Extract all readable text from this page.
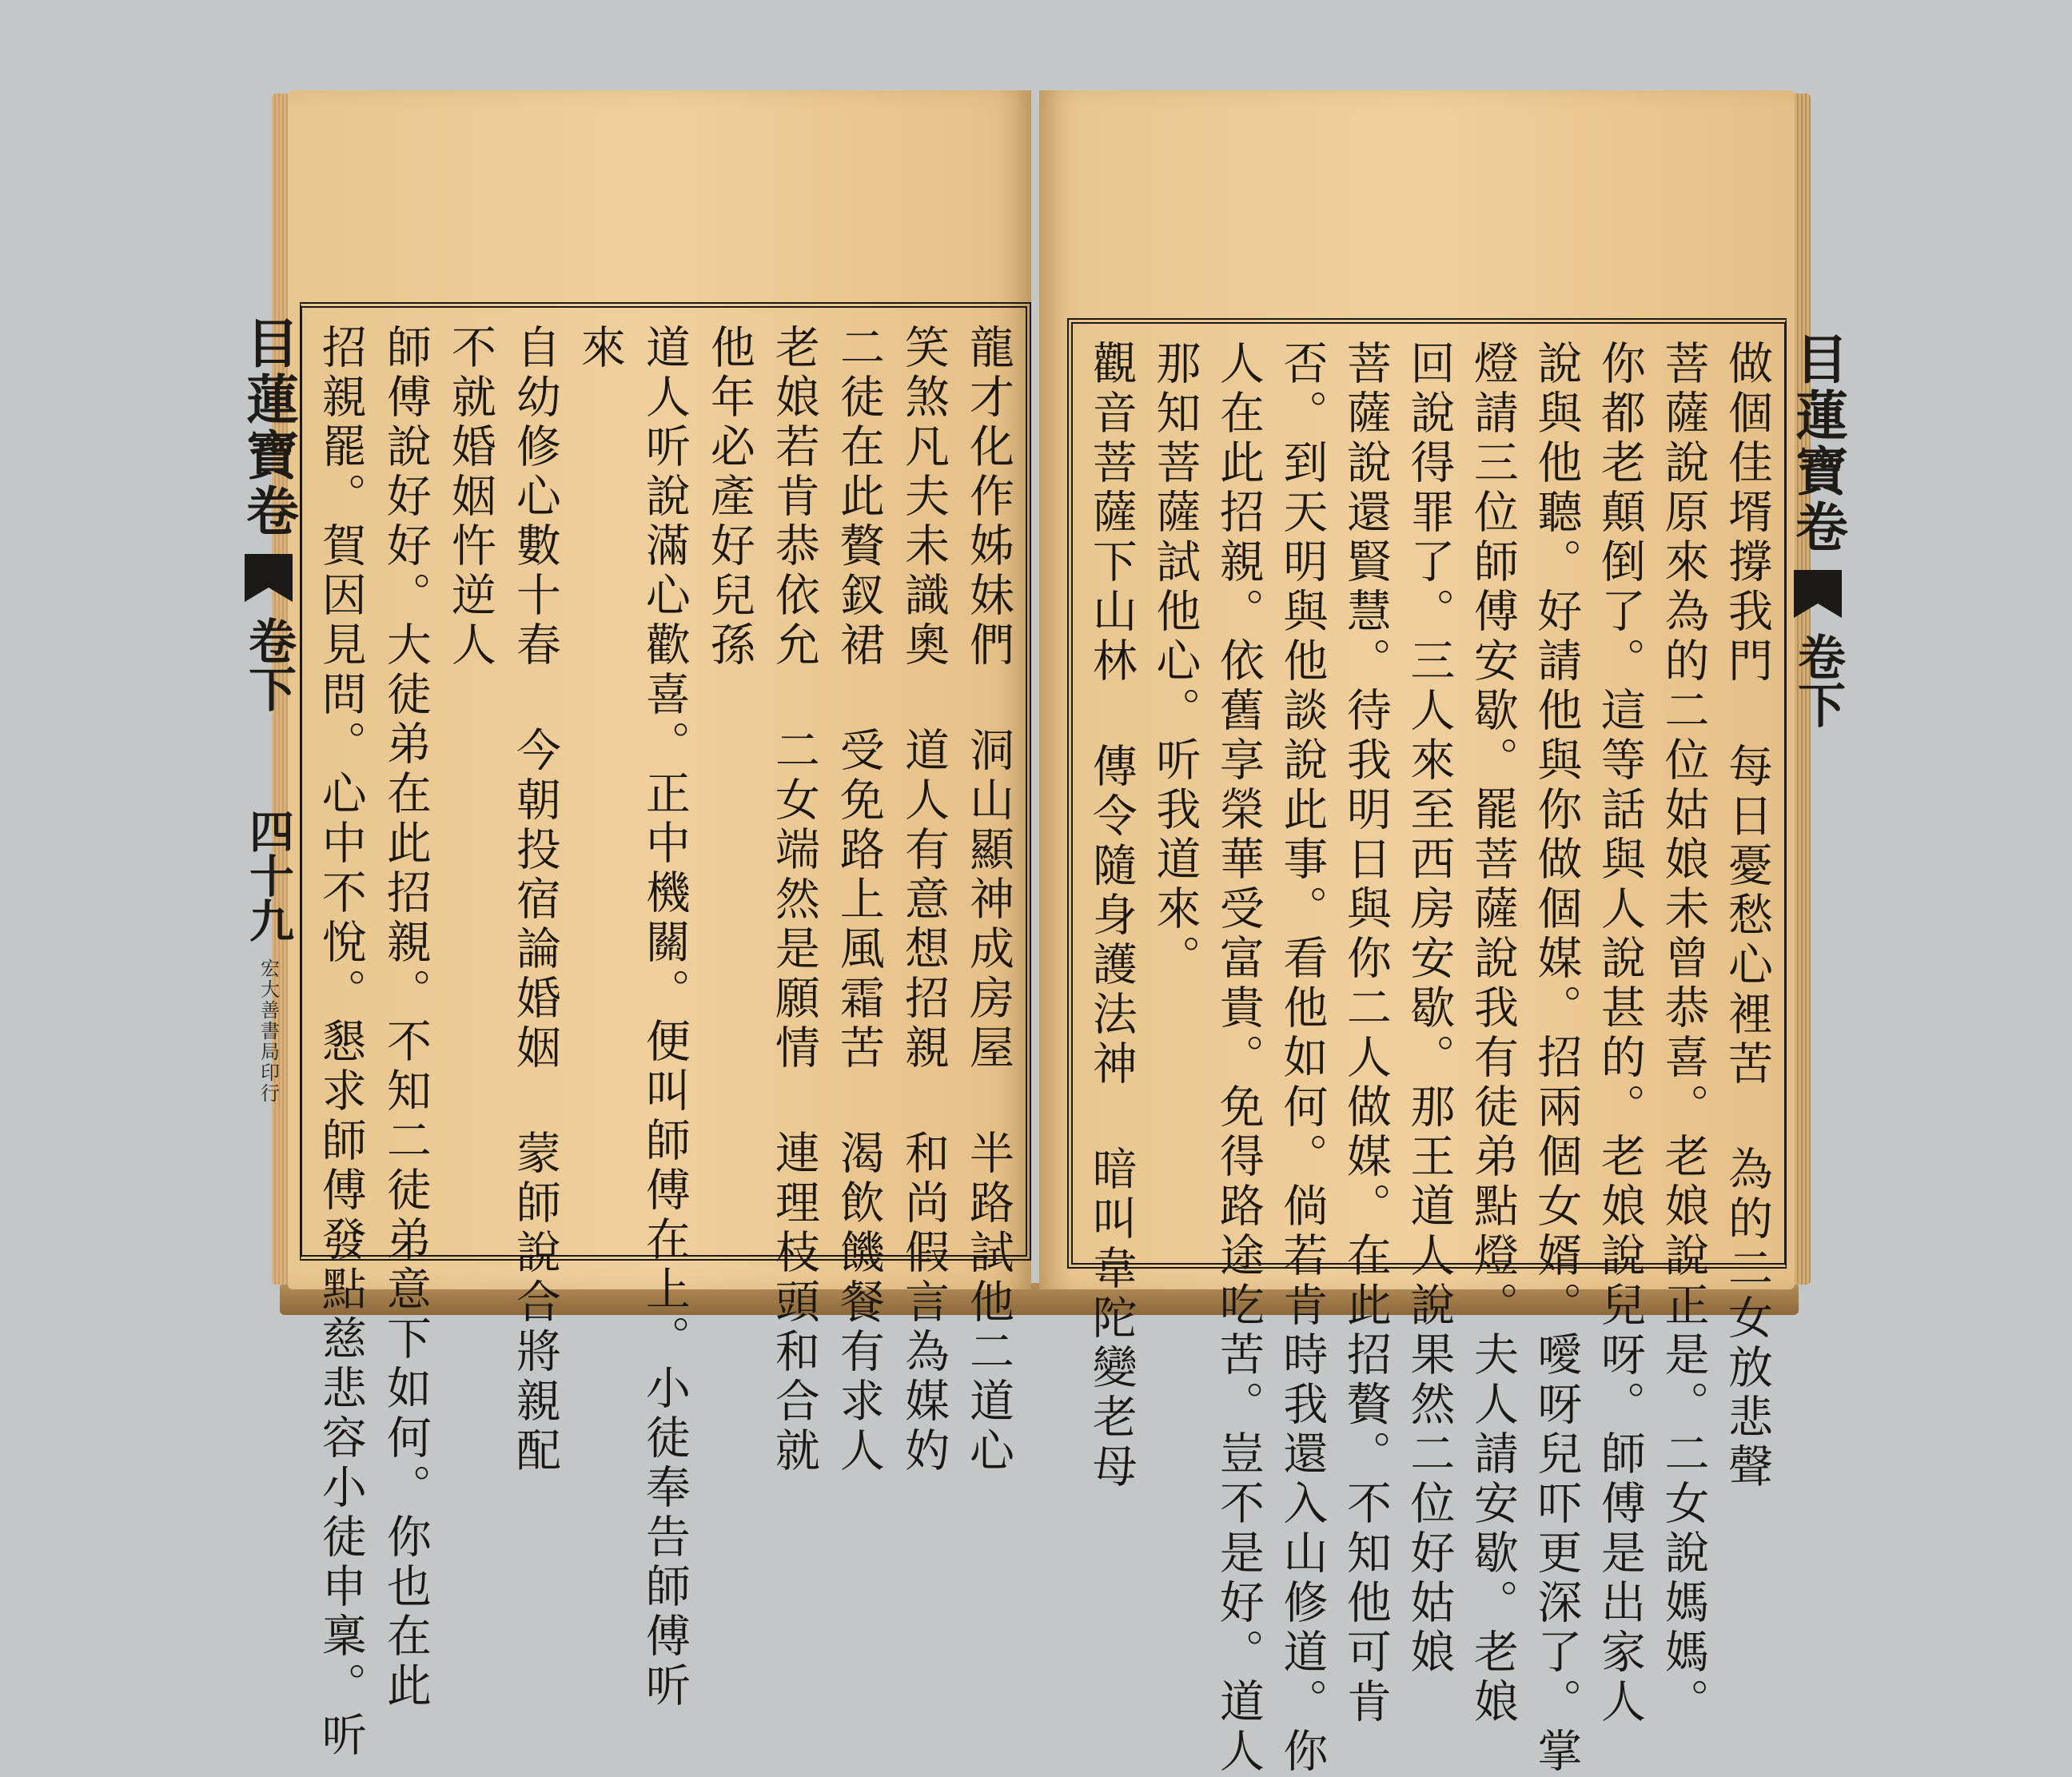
目蓮寶卷
卷下
四十九
宏大善書局印行
龍才化作姊妹們洞山顯神成房屋半路試他二道心
笑煞凡夫未識奧道人有意想招親和尚假言為媒妁
二徒在此贅釵裙受免路上風霜苦渴飲饑餐有求人
老娘若肯恭依允二女端然是願情連理枝頭和合就
他年必產好兒孫
道人听說滿心歡喜。正中機關。便叫師傅在上。小徒奉告師傅听
來
自幼修心數十春今朝投宿論婚姻蒙師說合將親配
不就婚姻忤逆人
師傅說好好。大徒弟在此招親。不知二徒弟意下如何。你也在此
招親罷。賀因見問。心中不悅。懇求師傅發點慈悲容小徒申稟。听	目蓮寶卷
卷下
做個佳壻撐我門每日憂愁心裡苦為的二女放悲聲
菩薩說原來為的二位姑娘未曾恭喜。老娘說正是。二女說媽媽。
你都老顛倒了。這等話與人說甚的。老娘說兒呀。師傅是出家人
說與他聽。好請他與你做個媒。招兩個女婿。噯呀兒吓更深了。掌
燈請三位師傅安歇。罷菩薩說我有徒弟點燈。夫人請安歇。老娘
回說得罪了。三人來至西房安歇。那王道人說果然二位好姑娘
菩薩說還賢慧。待我明日與你二人做媒。在此招贅。不知他可肯
否。到天明與他談說此事。看他如何。倘若肯時我還入山修道。你
人在此招親。依舊享榮華受富貴。免得路途吃苦。豈不是好。道人
那知菩薩試他心。听我道來。
觀音菩薩下山林傳令隨身護法神暗叫韋陀變老母
